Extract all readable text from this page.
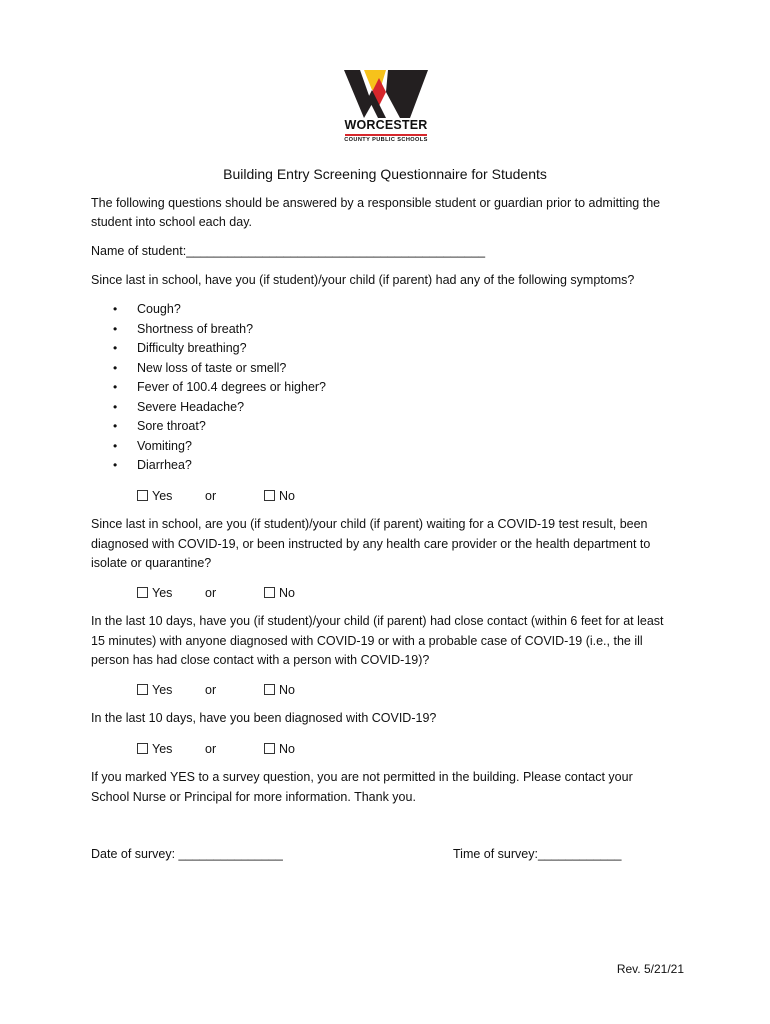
WORCESTER
COUNTY PUBLIC SCHOOLS
Building Entry Screening Questionnaire for Students
The following questions should be answered by a responsible student or guardian prior to admitting the
student into school each day.
Name of student:___________________________________________
Since last in school, have you (if student)/your child (if parent) had any of the following symptoms?
• Cough?
• Shortness of breath?
• Difficulty breathing?
• New loss of taste or smell?
• Fever of 100.4 degrees or higher?
• Severe Headache?
• Sore throat?
• Vomiting?
• Diarrhea?
Yes	or	No
Since last in school, are you (if student)/your child (if parent) waiting for a COVID-19 test result, been
diagnosed with COVID-19, or been instructed by any health care provider or the health department to
isolate or quarantine?
Yes	or	No
In the last 10 days, have you (if student)/your child (if parent) had close contact (within 6 feet for at least
15 minutes) with anyone diagnosed with COVID-19 or with a probable case of COVID-19 (i.e., the ill
person has had close contact with a person with COVID-19)?
Yes	or	No
In the last 10 days, have you been diagnosed with COVID-19?
Yes	or	No
If you marked YES to a survey question, you are not permitted in the building. Please contact your
School Nurse or Principal for more information. Thank you.
Date of survey: _______________	Time of survey:____________
Rev. 5/21/21
